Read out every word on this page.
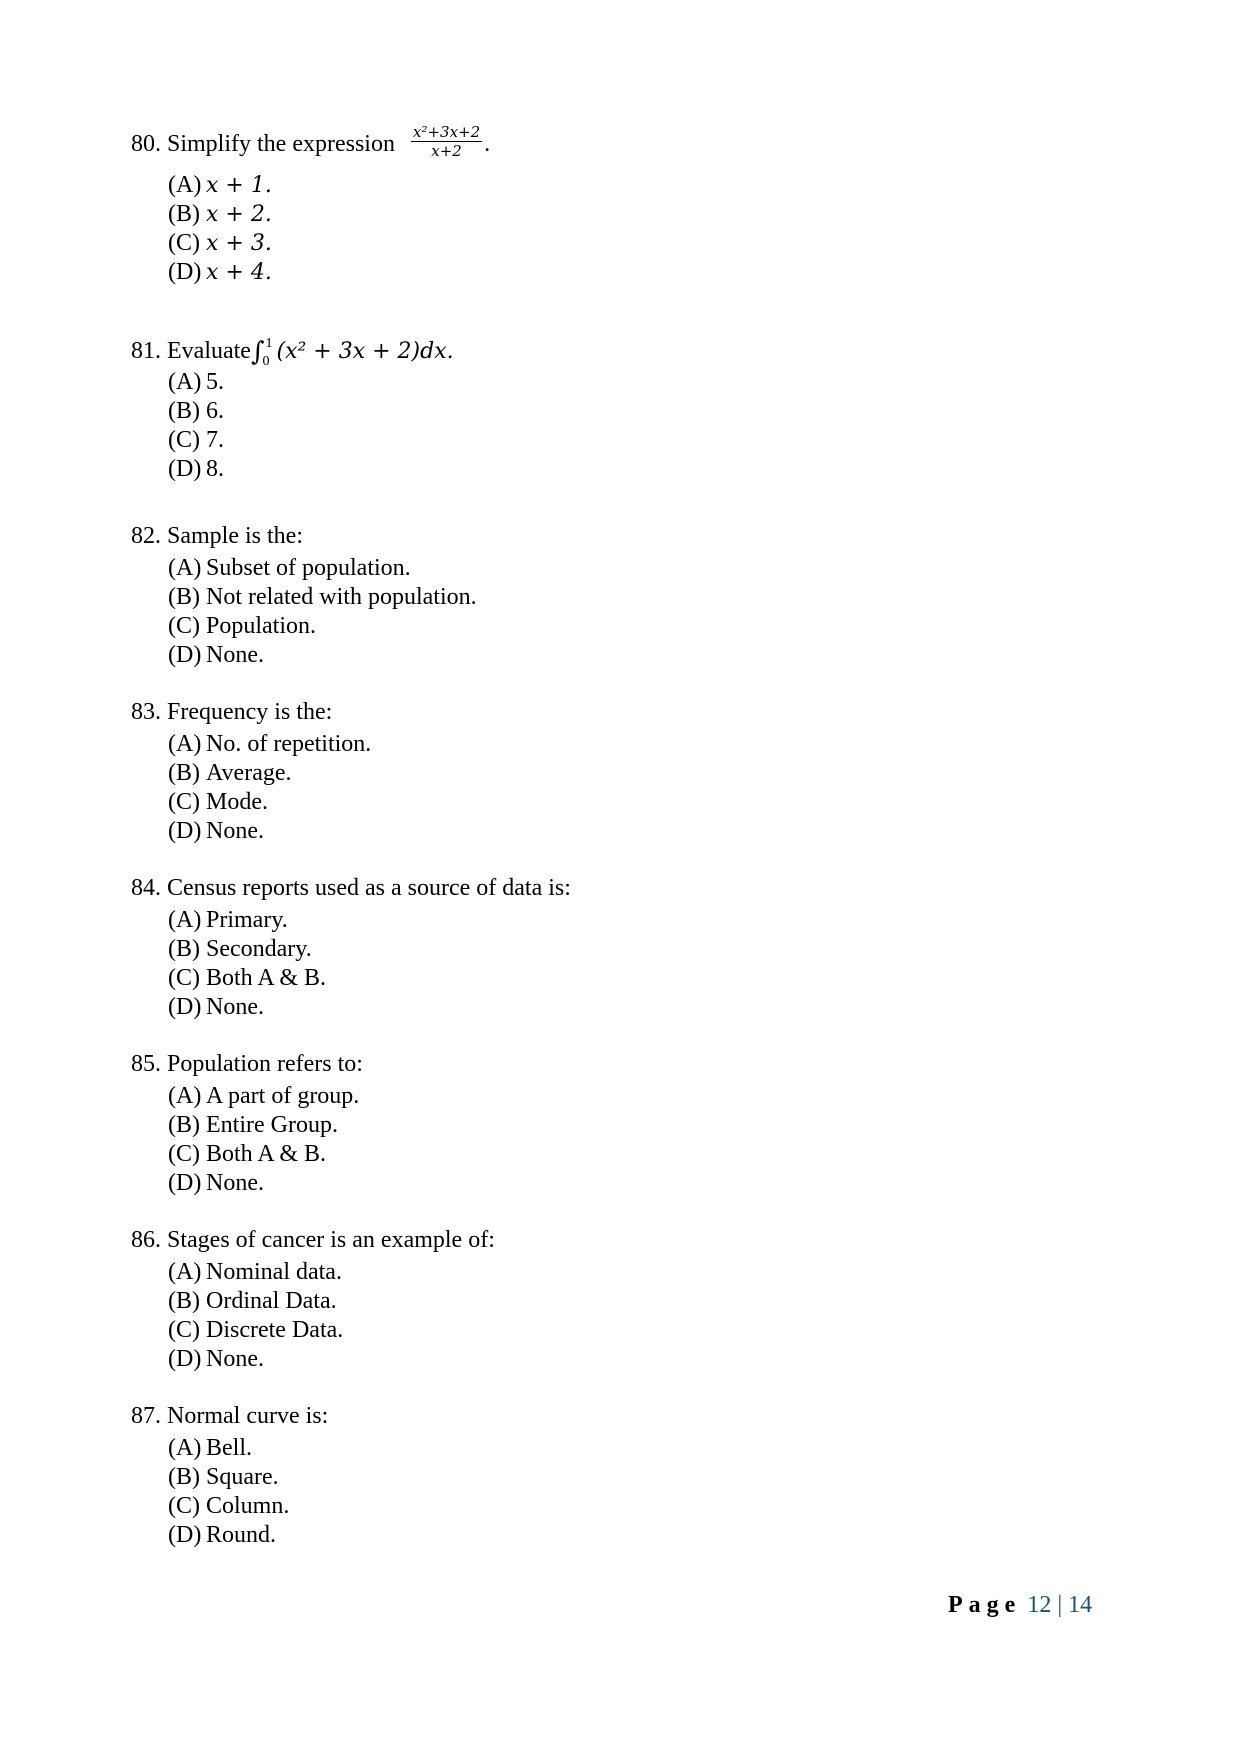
80. Simplify the expression $\frac{\text{x²+3x+2}}{x+2}$ .
(A) x + 1.
(B) x + 2.
(C) x + 3.
(D) x + 4.
81. Evaluate∫ 1
0 (x² + 3x + 2)dx.
(A) 5.
(B) 6.
(C) 7.
(D) 8.
82. Sample is the:
(A) Subset of population.
(B) Not related with population.
(C) Population.
(D) None.
83. Frequency is the:
(A) No. of repetition.
(B) Average.
(C) Mode.
(D) None.
84. Census reports used as a source of data is:
(A) Primary.
(B) Secondary.
(C) Both A & B.
(D) None.
85. Population refers to:
(A) A part of group.
(B) Entire Group.
(C) Both A & B.
(D) None.
86. Stages of cancer is an example of:
(A) Nominal data.
(B) Ordinal Data.
(C) Discrete Data.
(D) None.
87. Normal curve is:
(A) Bell.
(B) Square.
(C) Column.
(D) Round.
Page 12 | 14
